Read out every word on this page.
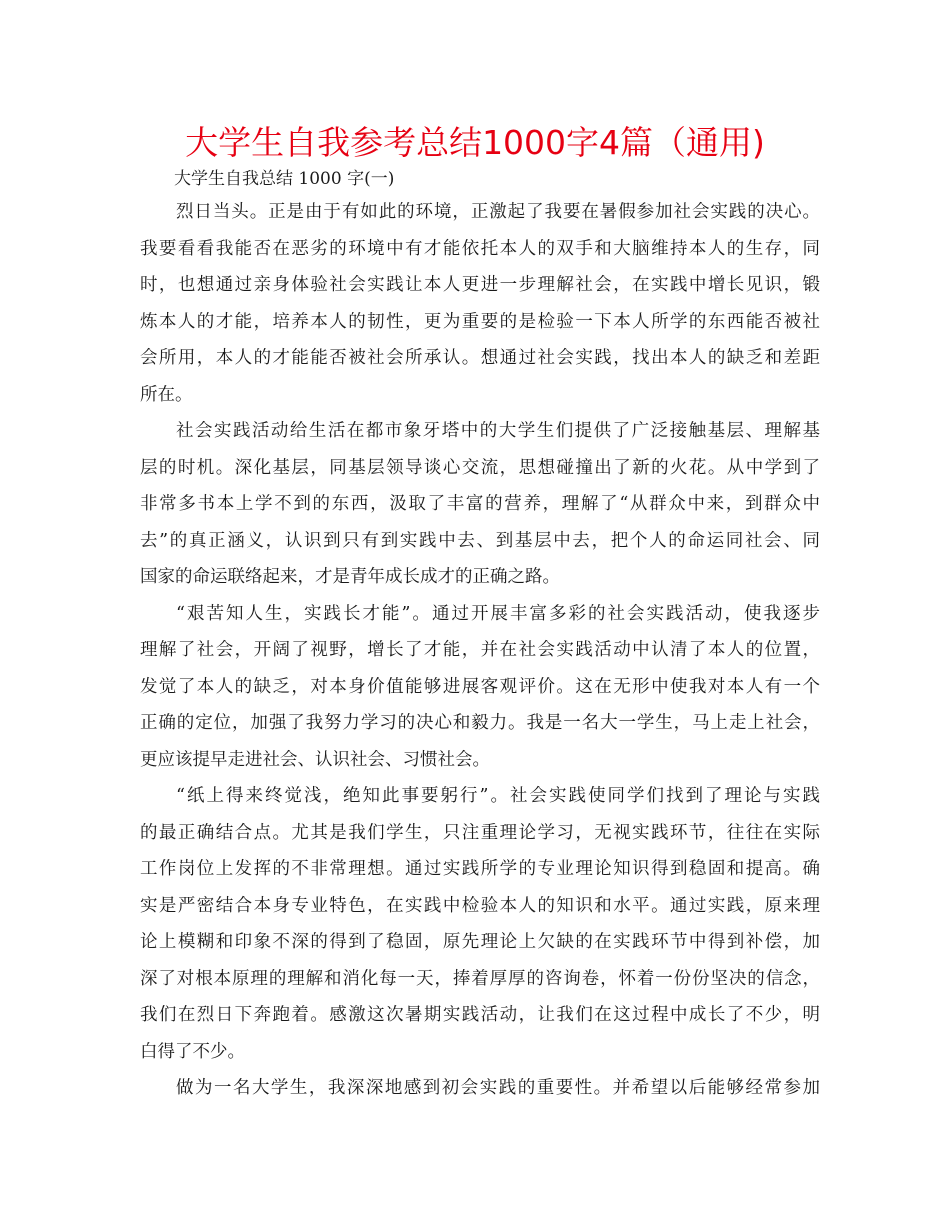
大学生自我参考总结1000字4篇（通用)
大学生自我总结 1000 字(一)

烈日当头。正是由于有如此的环境，正激起了我要在暑假参加社会实践的决心。
我要看看我能否在恶劣的环境中有才能依托本人的双手和大脑维持本人的生存，同
时，也想通过亲身体验社会实践让本人更进一步理解社会，在实践中增长见识，锻
炼本人的才能，培养本人的韧性，更为重要的是检验一下本人所学的东西能否被社
会所用，本人的才能能否被社会所承认。想通过社会实践，找出本人的缺乏和差距
所在。

社会实践活动给生活在都市象牙塔中的大学生们提供了广泛接触基层、理解基
层的时机。深化基层，同基层领导谈心交流，思想碰撞出了新的火花。从中学到了
非常多书本上学不到的东西，汲取了丰富的营养，理解了“从群众中来，到群众中
去”的真正涵义，认识到只有到实践中去、到基层中去，把个人的命运同社会、同
国家的命运联络起来，才是青年成长成才的正确之路。

“艰苦知人生，实践长才能”。通过开展丰富多彩的社会实践活动，使我逐步
理解了社会，开阔了视野，增长了才能，并在社会实践活动中认清了本人的位置，
发觉了本人的缺乏，对本身价值能够进展客观评价。这在无形中使我对本人有一个
正确的定位，加强了我努力学习的决心和毅力。我是一名大一学生，马上走上社会，
更应该提早走进社会、认识社会、习惯社会。

“纸上得来终觉浅，绝知此事要躬行”。社会实践使同学们找到了理论与实践
的最正确结合点。尤其是我们学生，只注重理论学习，无视实践环节，往往在实际
工作岗位上发挥的不非常理想。通过实践所学的专业理论知识得到稳固和提高。确
实是严密结合本身专业特色，在实践中检验本人的知识和水平。通过实践，原来理
论上模糊和印象不深的得到了稳固，原先理论上欠缺的在实践环节中得到补偿，加
深了对根本原理的理解和消化每一天，捧着厚厚的咨询卷，怀着一份份坚决的信念，
我们在烈日下奔跑着。感激这次暑期实践活动，让我们在这过程中成长了不少，明
白得了不少。

做为一名大学生，我深深地感到初会实践的重要性。并希望以后能够经常参加
